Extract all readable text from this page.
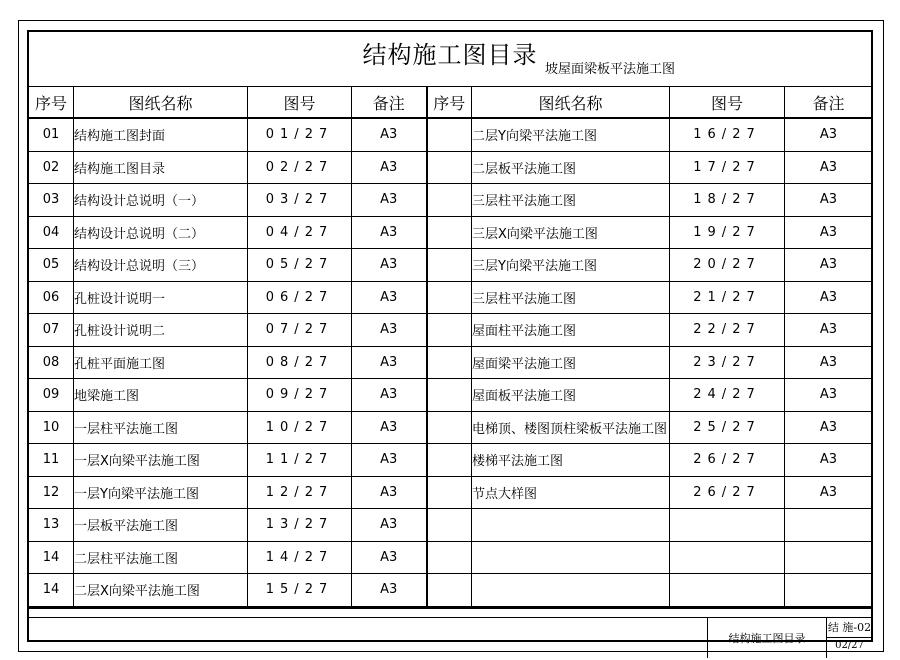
结构施工图目录
坡屋面梁板平法施工图
序号	图纸名称	图号	备注	序号	图纸名称	图号	备注
01	结构施工图封面	01/27	A3		二层Y向梁平法施工图	16/27	A3
02	结构施工图目录	02/27	A3		二层板平法施工图	17/27	A3
03	结构设计总说明（一）	03/27	A3		三层柱平法施工图	18/27	A3
04	结构设计总说明（二）	04/27	A3		三层X向梁平法施工图	19/27	A3
05	结构设计总说明（三）	05/27	A3		三层Y向梁平法施工图	20/27	A3
06	孔桩设计说明一	06/27	A3		三层柱平法施工图	21/27	A3
07	孔桩设计说明二	07/27	A3		屋面柱平法施工图	22/27	A3
08	孔桩平面施工图	08/27	A3		屋面梁平法施工图	23/27	A3
09	地梁施工图	09/27	A3		屋面板平法施工图	24/27	A3
10	一层柱平法施工图	10/27	A3		电梯顶、楼图顶柱梁板平法施工图	25/27	A3
11	一层X向梁平法施工图	11/27	A3		楼梯平法施工图	26/27	A3
12	一层Y向梁平法施工图	12/27	A3		节点大样图	26/27	A3
13	一层板平法施工图	13/27	A3				
14	二层柱平法施工图	14/27	A3				
14	二层X向梁平法施工图	15/27	A3				
结构施工图目录
结 施-02
02/27
